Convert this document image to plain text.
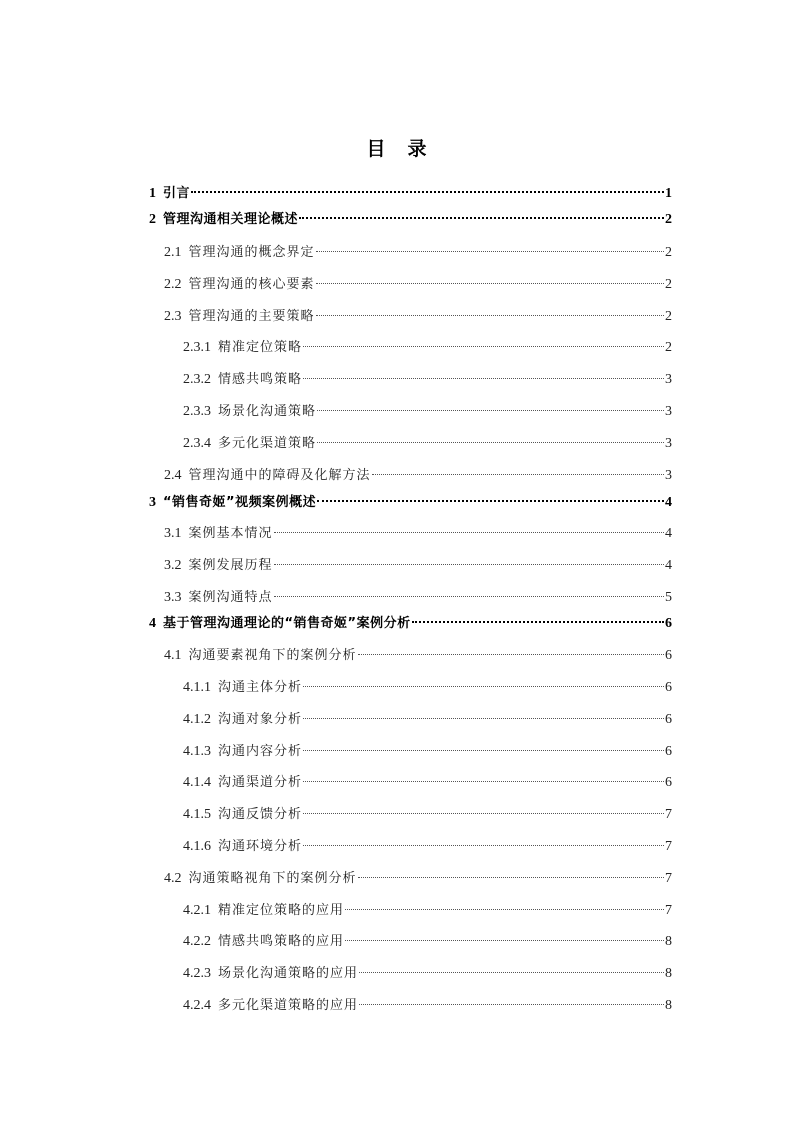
目 录
1 引言	1
2 管理沟通相关理论概述	2
2.1 管理沟通的概念界定	2
2.2 管理沟通的核心要素	2
2.3 管理沟通的主要策略	2
2.3.1 精准定位策略	2
2.3.2 情感共鸣策略	3
2.3.3 场景化沟通策略	3
2.3.4 多元化渠道策略	3
2.4 管理沟通中的障碍及化解方法	3
3 “销售奇姬”视频案例概述	4
3.1 案例基本情况	4
3.2 案例发展历程	4
3.3 案例沟通特点	5
4 基于管理沟通理论的“销售奇姬”案例分析	6
4.1 沟通要素视角下的案例分析	6
4.1.1 沟通主体分析	6
4.1.2 沟通对象分析	6
4.1.3 沟通内容分析	6
4.1.4 沟通渠道分析	6
4.1.5 沟通反馈分析	7
4.1.6 沟通环境分析	7
4.2 沟通策略视角下的案例分析	7
4.2.1 精准定位策略的应用	7
4.2.2 情感共鸣策略的应用	8
4.2.3 场景化沟通策略的应用	8
4.2.4 多元化渠道策略的应用	8
